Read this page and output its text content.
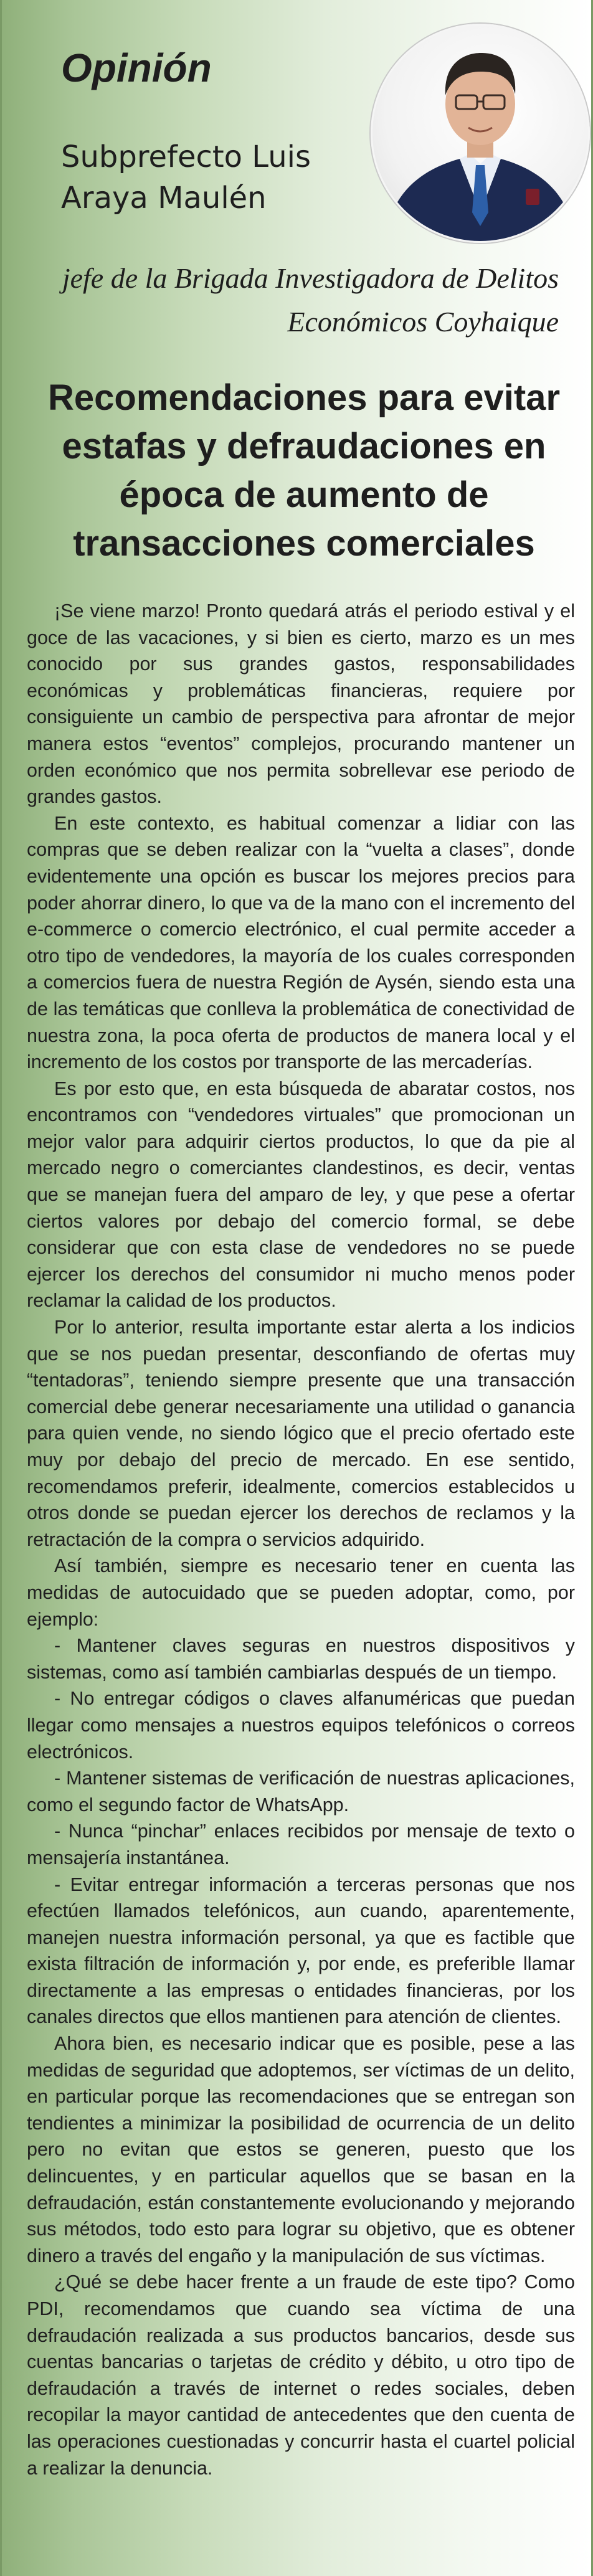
Opinión

Subprefecto Luis

Araya Maulén

jefe de la Brigada Investigadora de Delitos

Económicos Coyhaique

Recomendaciones para evitar estafas y defraudaciones en época de aumento de transacciones comerciales

¡Se viene marzo! Pronto quedará atrás el periodo estival y el goce de las vacaciones, y si bien es cierto, marzo es un mes conocido por sus grandes gastos, responsabilidades económicas y problemáticas financieras, requiere por consiguiente un cambio de perspectiva para afrontar de mejor manera estos “eventos” complejos, procurando mantener un orden económico que nos permita sobrellevar ese periodo de grandes gastos.

En este contexto, es habitual comenzar a lidiar con las compras que se deben realizar con la “vuelta a clases”, donde evidentemente una opción es buscar los mejores precios para poder ahorrar dinero, lo que va de la mano con el incremento del e-commerce o comercio electrónico, el cual permite acceder a otro tipo de vendedores, la mayoría de los cuales corresponden a comercios fuera de nuestra Región de Aysén, siendo esta una de las temáticas que conlleva la problemática de conectividad de nuestra zona, la poca oferta de productos de manera local y el incremento de los costos por transporte de las mercaderías.

Es por esto que, en esta búsqueda de abaratar costos, nos encontramos con “vendedores virtuales” que promocionan un mejor valor para adquirir ciertos productos, lo que da pie al mercado negro o comerciantes clandestinos, es decir, ventas que se manejan fuera del amparo de ley, y que pese a ofertar ciertos valores por debajo del comercio formal, se debe considerar que con esta clase de vendedores no se puede ejercer los derechos del consumidor ni mucho menos poder reclamar la calidad de los productos.

Por lo anterior, resulta importante estar alerta a los indicios que se nos puedan presentar, desconfiando de ofertas muy “tentadoras”, teniendo siempre presente que una transacción comercial debe generar necesariamente una utilidad o ganancia para quien vende, no siendo lógico que el precio ofertado este muy por debajo del precio de mercado. En ese sentido, recomendamos preferir, idealmente, comercios establecidos u otros donde se puedan ejercer los derechos de reclamos y la retractación de la compra o servicios adquirido.

Así también, siempre es necesario tener en cuenta las medidas de autocuidado que se pueden adoptar, como, por ejemplo:

- Mantener claves seguras en nuestros dispositivos y sistemas, como así también cambiarlas después de un tiempo.

- No entregar códigos o claves alfanuméricas que puedan llegar como mensajes a nuestros equipos telefónicos o correos electrónicos.

- Mantener sistemas de verificación de nuestras aplicaciones, como el segundo factor de WhatsApp.

- Nunca “pinchar” enlaces recibidos por mensaje de texto o mensajería instantánea.

- Evitar entregar información a terceras personas que nos efectúen llamados telefónicos, aun cuando, aparentemente, manejen nuestra información personal, ya que es factible que exista filtración de información y, por ende, es preferible llamar directamente a las empresas o entidades financieras, por los canales directos que ellos mantienen para atención de clientes.

Ahora bien, es necesario indicar que es posible, pese a las medidas de seguridad que adoptemos, ser víctimas de un delito, en particular porque las recomendaciones que se entregan son tendientes a minimizar la posibilidad de ocurrencia de un delito pero no evitan que estos se generen, puesto que los delincuentes, y en particular aquellos que se basan en la defraudación, están constantemente evolucionando y mejorando sus métodos, todo esto para lograr su objetivo, que es obtener dinero a través del engaño y la manipulación de sus víctimas.

¿Qué se debe hacer frente a un fraude de este tipo? Como PDI, recomendamos que cuando sea víctima de una defraudación realizada a sus productos bancarios, desde sus cuentas bancarias o tarjetas de crédito y débito, u otro tipo de defraudación a través de internet o redes sociales, deben recopilar la mayor cantidad de antecedentes que den cuenta de las operaciones cuestionadas y concurrir hasta el cuartel policial a realizar la denuncia.
